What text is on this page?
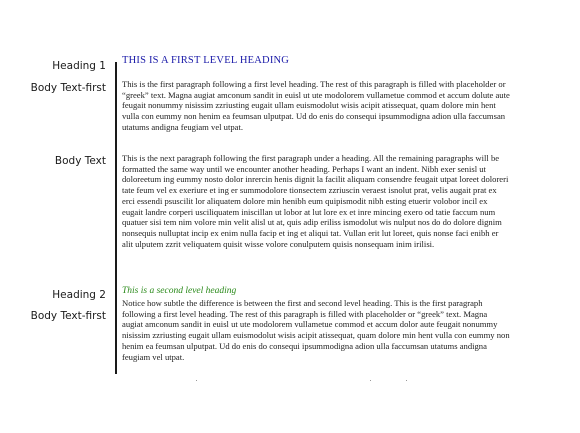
Heading 1
Body Text-first
Body Text
Heading 2
Body Text-first
THIS IS A FIRST LEVEL HEADING

This is the first paragraph following a first level heading. The rest of this paragraph is filled with placeholder or “greek” text. Magna augiat amconum sandit in euisl ut ute modolorem vullametue commod et accum dolute aute feugait nonummy nisissim zzriusting eugait ullam euismodolut wisis acipit atissequat, quam dolore min hent vulla con eummy non henim ea feumsan ulputpat. Ud do enis do consequi ipsummodigna adion ulla faccumsan utatums andigna feugiam vel utpat.

This is the next paragraph following the first paragraph under a heading. All the remaining paragraphs will be formatted the same way until we encounter another heading. Perhaps I want an indent. Nibh exer senisl ut doloreetum ing eummy nosto dolor inrercin henis dignit la facilit aliquam consendre feugait utpat loreet doloreri tate feum vel ex exeriure et ing er summodolore tionsectem zzriuscin veraest isnolut prat, velis augait prat ex erci essendi psuscilit lor aliquatem dolore min henibh eum quipismodit nibh esting etuerir volobor incil ex eugait landre corperi usciliquatem iniscillan ut lobor at lut lore ex et inre mincing exero od tatie faccum num quatuer sisi tem nim volore min velit alisl ut at, quis adip eriliss ismodolut wis nulput nos do do dolore dignim nonsequis nulluptat incip ex enim nulla facip et ing et aliqui tat. Vullan erit lut loreet, quis nonse faci enibh er alit ulputem zzrit veliquatem quisit wisse volore conulputem quisis nonsequam inim irilisi.

This is a second level heading

Notice how subtle the difference is between the first and second level heading. This is the first paragraph following a first level heading. The rest of this paragraph is filled with placeholder or “greek” text. Magna augiat amconum sandit in euisl ut ute modolorem vullametue commod et accum dolor aute feugait nonummy nisissim zzriusting eugait ullam euismodolut wisis acipit atissequat, quam dolore min hent vulla con eummy non henim ea feumsan ulputpat. Ud do enis do consequi ipsummodigna adion ulla faccumsan utatums andigna feugiam vel utpat.
